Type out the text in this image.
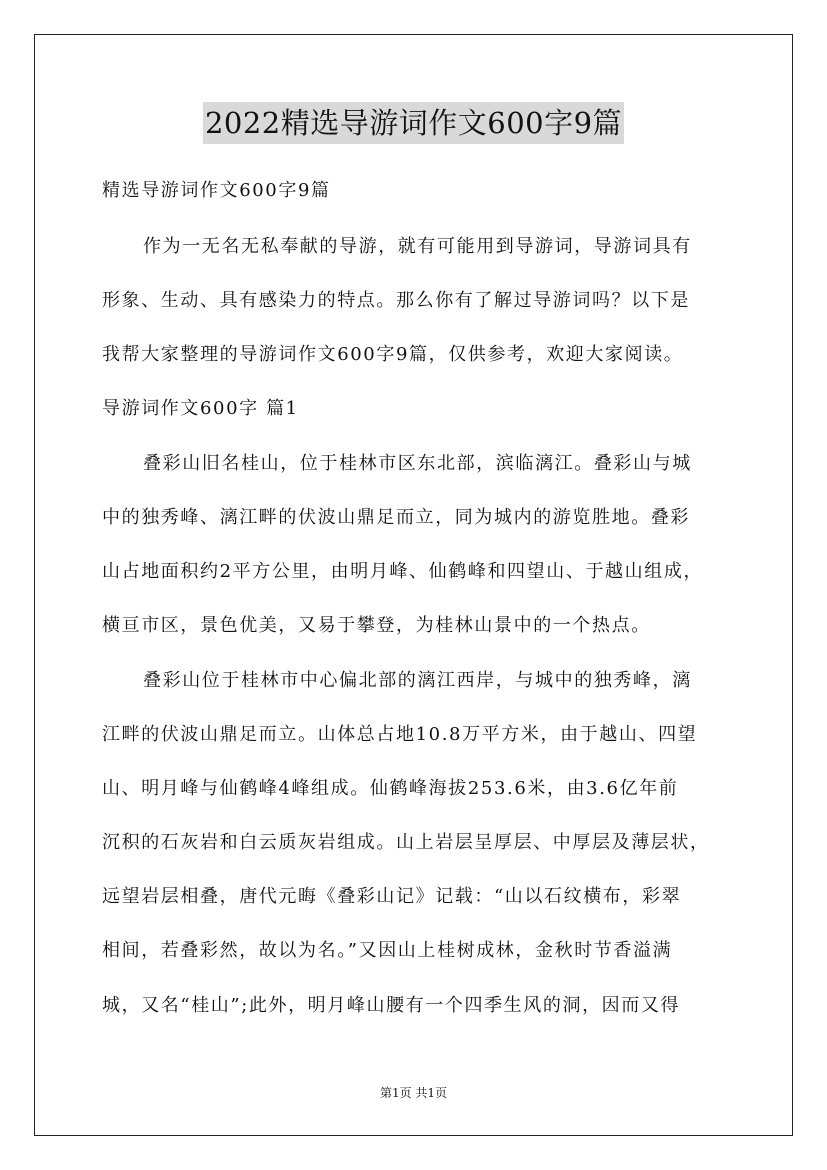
2022精选导游词作文600字9篇
精选导游词作文600字9篇
作为一无名无私奉献的导游，就有可能用到导游词，导游词具有
形象、生动、具有感染力的特点。那么你有了解过导游词吗？以下是
我帮大家整理的导游词作文600字9篇，仅供参考，欢迎大家阅读。
导游词作文600字 篇1
叠彩山旧名桂山，位于桂林市区东北部，滨临漓江。叠彩山与城
中的独秀峰、漓江畔的伏波山鼎足而立，同为城内的游览胜地。叠彩
山占地面积约2平方公里，由明月峰、仙鹤峰和四望山、于越山组成，
横亘市区，景色优美，又易于攀登，为桂林山景中的一个热点。
叠彩山位于桂林市中心偏北部的漓江西岸，与城中的独秀峰，漓
江畔的伏波山鼎足而立。山体总占地10.8万平方米，由于越山、四望
山、明月峰与仙鹤峰4峰组成。仙鹤峰海拔253.6米，由3.6亿年前
沉积的石灰岩和白云质灰岩组成。山上岩层呈厚层、中厚层及薄层状，
远望岩层相叠，唐代元晦《叠彩山记》记载：“山以石纹横布，彩翠
相间，若叠彩然，故以为名。”又因山上桂树成林，金秋时节香溢满
城，又名“桂山”;此外，明月峰山腰有一个四季生风的洞，因而又得
第1页 共1页
